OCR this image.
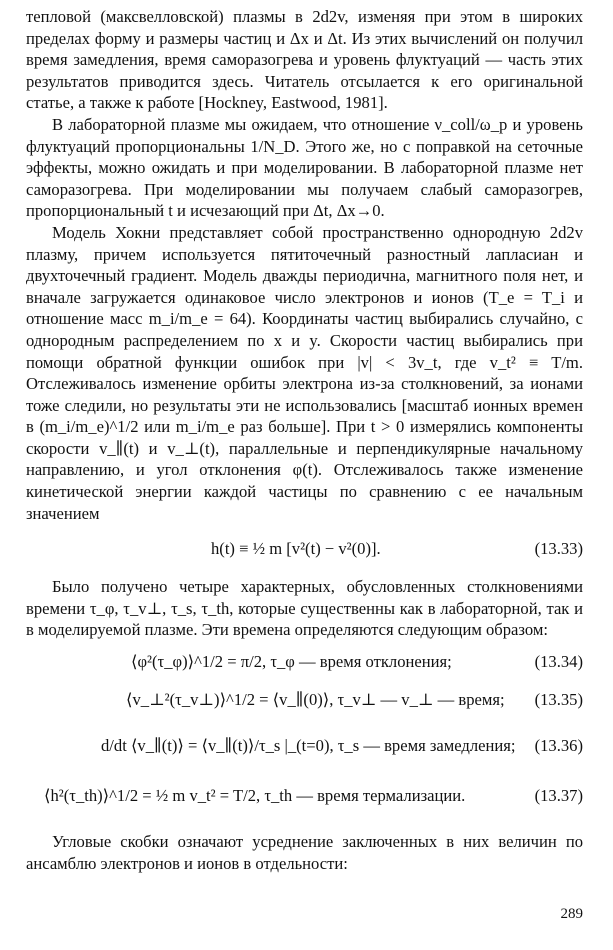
тепловой (максвелловской) плазмы в 2d2v, изменяя при этом в широких пределах форму и размеры частиц и Δx и Δt. Из этих вычислений он получил время замедления, время саморазогрева и уровень флуктуаций — часть этих результатов приводится здесь. Читатель отсылается к его оригинальной статье, а также к работе [Hockney, Eastwood, 1981].

В лабораторной плазме мы ожидаем, что отношение ν_coll/ω_p и уровень флуктуаций пропорциональны 1/N_D. Этого же, но с поправкой на сеточные эффекты, можно ожидать и при моделировании. В лабораторной плазме нет саморазогрева. При моделировании мы получаем слабый саморазогрев, пропорциональный t и исчезающий при Δt, Δx→0.

Модель Хокни представляет собой пространственно однородную 2d2v плазму, причем используется пятиточечный разностный лапласиан и двухточечный градиент. Модель дважды периодична, магнитного поля нет, и вначале загружается одинаковое число электронов и ионов (T_e = T_i и отношение масс m_i/m_e = 64). Координаты частиц выбирались случайно, с однородным распределением по x и y. Скорости частиц выбирались при помощи обратной функции ошибок при |v| < 3v_t, где v_t² ≡ T/m. Отслеживалось изменение орбиты электрона из-за столкновений, за ионами тоже следили, но результаты эти не использовались [масштаб ионных времен в (m_i/m_e)^1/2 или m_i/m_e раз больше]. При t > 0 измерялись компоненты скорости v_∥(t) и v_⊥(t), параллельные и перпендикулярные начальному направлению, и угол отклонения φ(t). Отслеживалось также изменение кинетической энергии каждой частицы по сравнению с ее начальным значением

h(t) ≡ ½ m [v²(t) − v²(0)].	(13.33)

Было получено четыре характерных, обусловленных столкновениями времени τ_φ, τ_v⊥, τ_s, τ_th, которые существенны как в лабораторной, так и в моделируемой плазме. Эти времена определяются следующим образом:

⟨φ²(τ_φ)⟩^1/2 = π/2, τ_φ — время отклонения;	(13.34)
⟨v_⊥²(τ_v⊥)⟩^1/2 = ⟨v_∥(0)⟩, τ_v⊥ — v_⊥ — время; (13.35)
d/dt ⟨v_∥(t)⟩ = ⟨v_∥(t)⟩/τ_s |_(t=0), τ_s — время замедления; (13.36)
⟨h²(τ_th)⟩^1/2 = ½ m v_t² = T/2, τ_th — время термализации.	(13.37)

Угловые скобки означают усреднение заключенных в них величин по ансамблю электронов и ионов в отдельности:

289
